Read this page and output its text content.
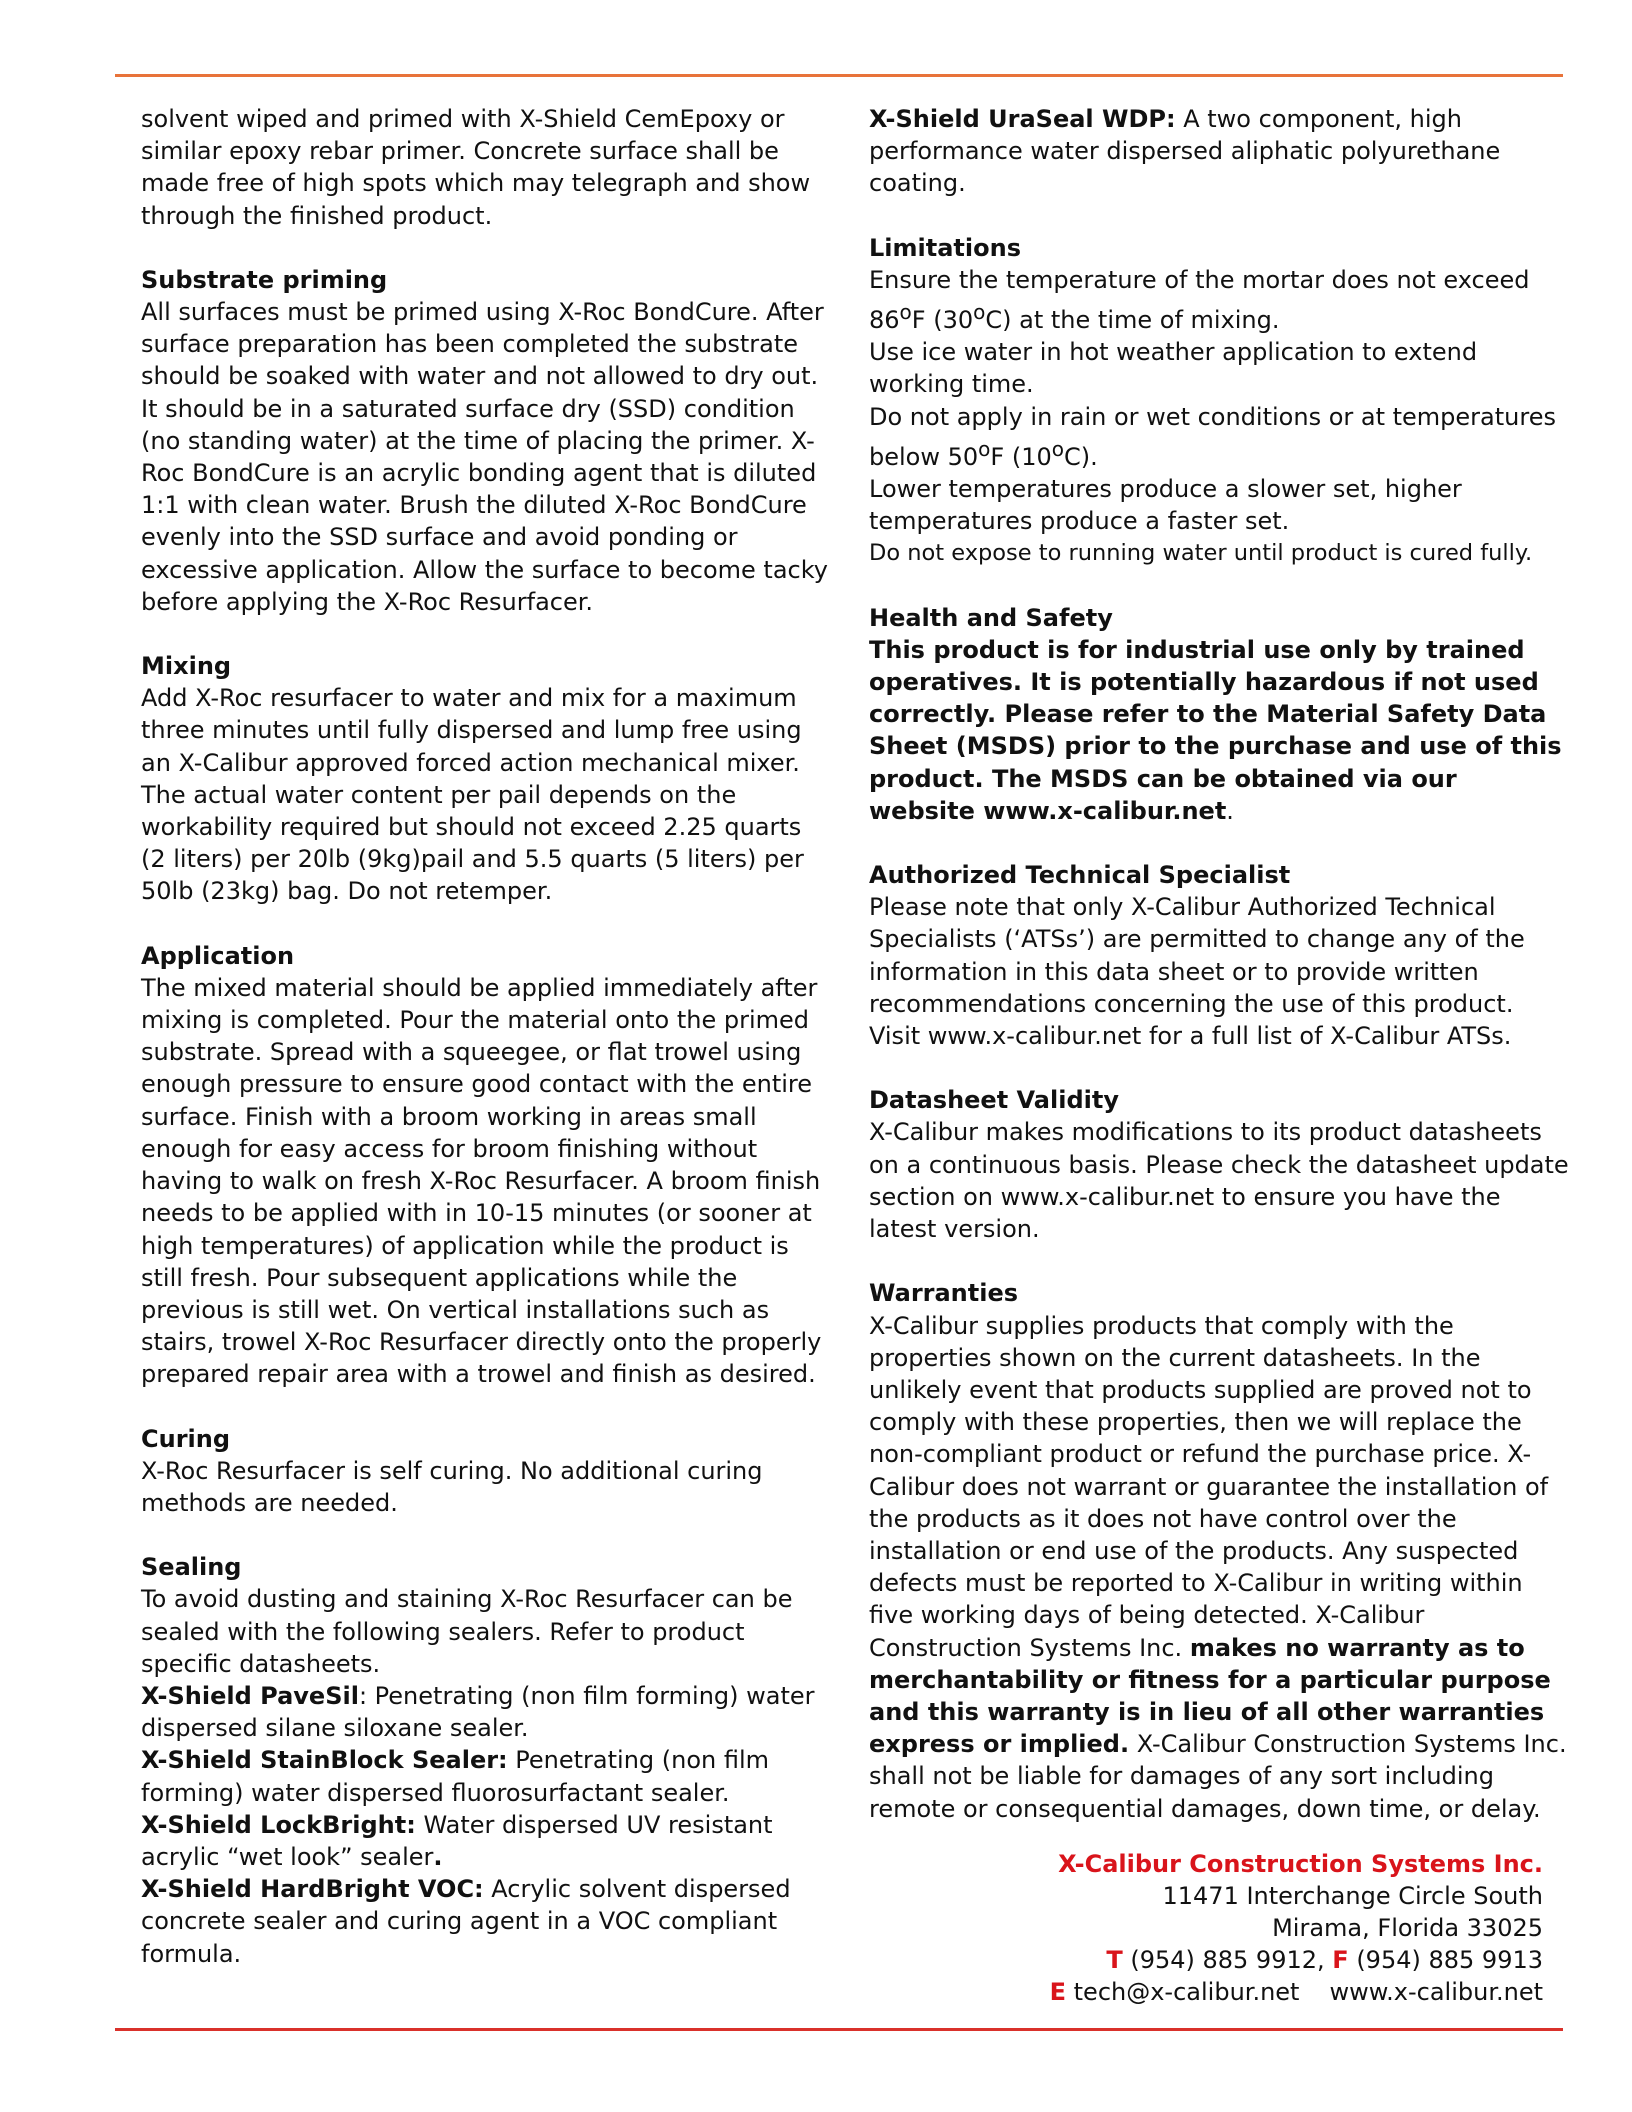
solvent wiped and primed with X-Shield CemEpoxy or similar epoxy rebar primer. Concrete surface shall be made free of high spots which may telegraph and show through the finished product.

Substrate priming

All surfaces must be primed using X-Roc BondCure. After surface preparation has been completed the substrate should be soaked with water and not allowed to dry out. It should be in a saturated surface dry (SSD) condition (no standing water) at the time of placing the primer. X-Roc BondCure is an acrylic bonding agent that is diluted 1:1 with clean water. Brush the diluted X-Roc BondCure evenly into the SSD surface and avoid ponding or excessive application. Allow the surface to become tacky before applying the X-Roc Resurfacer.

Mixing

Add X-Roc resurfacer to water and mix for a maximum three minutes until fully dispersed and lump free using an X-Calibur approved forced action mechanical mixer. The actual water content per pail depends on the workability required but should not exceed 2.25 quarts (2 liters) per 20lb (9kg)pail and 5.5 quarts (5 liters) per 50lb (23kg) bag. Do not retemper.

Application

The mixed material should be applied immediately after mixing is completed. Pour the material onto the primed substrate. Spread with a squeegee, or flat trowel using enough pressure to ensure good contact with the entire surface. Finish with a broom working in areas small enough for easy access for broom finishing without having to walk on fresh X-Roc Resurfacer. A broom finish needs to be applied with in 10-15 minutes (or sooner at high temperatures) of application while the product is still fresh. Pour subsequent applications while the previous is still wet. On vertical installations such as stairs, trowel X-Roc Resurfacer directly onto the properly prepared repair area with a trowel and finish as desired.

Curing

X-Roc Resurfacer is self curing. No additional curing methods are needed.

Sealing

To avoid dusting and staining X-Roc Resurfacer can be sealed with the following sealers. Refer to product specific datasheets.

X-Shield PaveSil: Penetrating (non film forming) water dispersed silane siloxane sealer.

X-Shield StainBlock Sealer: Penetrating (non film forming) water dispersed fluorosurfactant sealer.

X-Shield LockBright: Water dispersed UV resistant acrylic “wet look” sealer.

X-Shield HardBright VOC: Acrylic solvent dispersed concrete sealer and curing agent in a VOC compliant formula.

X-Shield UraSeal WDP: A two component, high performance water dispersed aliphatic polyurethane coating.

Limitations

Ensure the temperature of the mortar does not exceed 86$^o$F (30$^o$C) at the time of mixing.

Use ice water in hot weather application to extend working time.

Do not apply in rain or wet conditions or at temperatures below 50$^o$F (10$^o$C).

Lower temperatures produce a slower set, higher temperatures produce a faster set.

Do not expose to running water until product is cured fully.

Health and Safety

This product is for industrial use only by trained operatives. It is potentially hazardous if not used correctly. Please refer to the Material Safety Data Sheet (MSDS) prior to the purchase and use of this product. The MSDS can be obtained via our website www.x-calibur.net.

Authorized Technical Specialist

Please note that only X-Calibur Authorized Technical Specialists (‘ATSs’) are permitted to change any of the information in this data sheet or to provide written recommendations concerning the use of this product. Visit www.x-calibur.net for a full list of X-Calibur ATSs.

Datasheet Validity

X-Calibur makes modifications to its product datasheets on a continuous basis. Please check the datasheet update section on www.x-calibur.net to ensure you have the latest version.

Warranties

X-Calibur supplies products that comply with the properties shown on the current datasheets. In the unlikely event that products supplied are proved not to comply with these properties, then we will replace the non-compliant product or refund the purchase price. X-Calibur does not warrant or guarantee the installation of the products as it does not have control over the installation or end use of the products. Any suspected defects must be reported to X-Calibur in writing within five working days of being detected. X-Calibur Construction Systems Inc. makes no warranty as to merchantability or fitness for a particular purpose and this warranty is in lieu of all other warranties express or implied. X-Calibur Construction Systems Inc. shall not be liable for damages of any sort including remote or consequential damages, down time, or delay.

X-Calibur Construction Systems Inc.
11471 Interchange Circle South
Mirama, Florida 33025
T (954) 885 9912, F (954) 885 9913
E tech@x-calibur.net www.x-calibur.net
